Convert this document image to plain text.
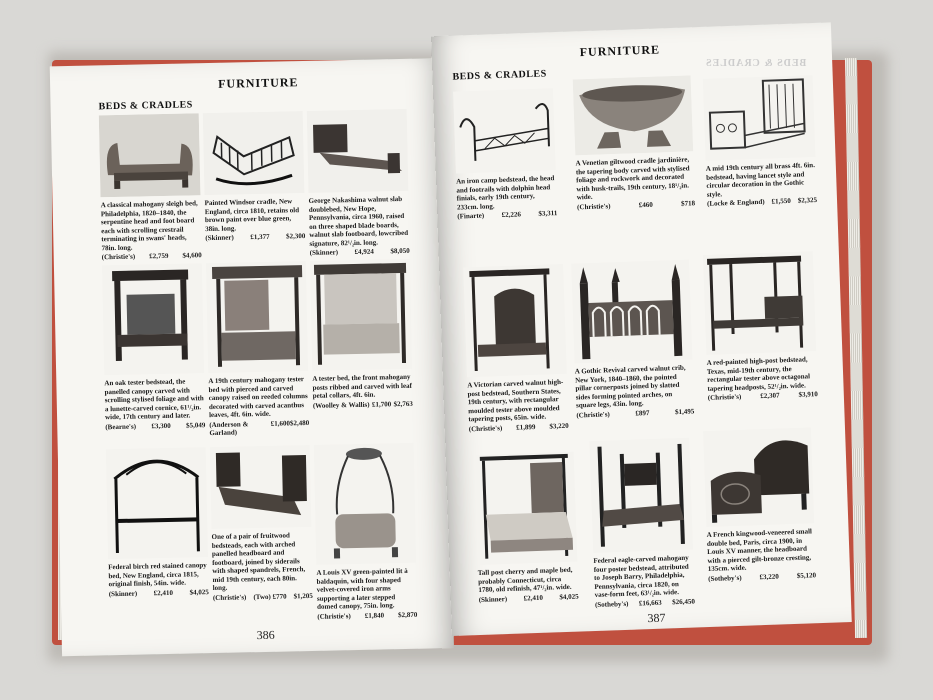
FURNITURE
BEDS & CRADLES
A classical mahogany sleigh bed, Philadelphia, 1820–1840, the serpentine head and foot board each with scrolling crestrail terminating in swans' heads, 78in. long.
(Christie's) £2,759 $4,600
Painted Windsor cradle, New England, circa 1810, retains old brown paint over blue green, 38in. long.
(Skinner) £1,377 $2,300
George Nakashima walnut slab doublebed, New Hope, Pennsylvania, circa 1960, raised on three shaped blade boards, walnut slab footboard, lowcribed signature, 82¹/₂in. long.
(Skinner) £4,924 $8,050
An oak tester bedstead, the panelled canopy carved with scrolling stylised foliage and with a lunette-carved cornice, 61¹/₂in. wide, 17th century and later.
(Bearne's) £3,300 $5,049
A 19th century mahogany tester bed with pierced and carved canopy raised on reeded columns decorated with carved acanthus leaves, 4ft. 6in. wide.
(Anderson & Garland)
£1,600 $2,480
A tester bed, the front mahogany posts ribbed and carved with leaf petal collars, 4ft. 6in.
(Woolley & Wallis) £1,700 $2,763
Federal birch red stained canopy bed, New England, circa 1815, original finish, 54in. wide.
(Skinner) £2,410 $4,025
One of a pair of fruitwood bedsteads, each with arched panelled headboard and footboard, joined by siderails with shaped spandrels, French, mid 19th century, each 80in. long.
(Christie's) (Two) £770 $1,205
A Louis XV green-painted lit à baldaquin, with four shaped velvet-covered iron arms supporting a later stepped domed canopy, 75in. long.
(Christie's) £1,840 $2,870
386
FURNITURE
BEDS & CRADLES
An iron camp bedstead, the head and footrails with dolphin head finials, early 19th century, 233cm. long.
(Finarte) £2,226 $3,311
A Venetian giltwood cradle jardinière, the tapering body carved with stylised foliage and rockwork and decorated with husk-trails, 19th century, 18¹/₂in. wide.
(Christie's)	£460	$718
A mid 19th century all brass 4ft. 6in. bedstead, having lancet style and circular decoration in the Gothic style.
(Locke & England) £1,550 $2,325
A Victorian carved walnut high-post bedstead, Southern States, 19th century, with rectangular moulded tester above moulded tapering posts, 65in. wide.
(Christie's) £1,899 $3,220
A Gothic Revival carved walnut crib, New York, 1840–1860, the pointed pillar cornerposts joined by slatted sides forming pointed arches, on square legs, 43in. long.
(Christie's)	£897	$1,495
A red-painted high-post bedstead, Texas, mid-19th century, the rectangular tester above octagonal tapering headposts, 52¹/₂in. wide.
(Christie's)	£2,307	$3,910
Tall post cherry and maple bed, probably Connecticut, circa 1780, old refinish, 47¹/₂in. wide.
(Skinner) £2,410 $4,025
Federal eagle-carved mahogany four poster bedstead, attributed to Joseph Barry, Philadelphia, Pennsylvania, circa 1820, on vase-form feet, 63¹/₂in. wide.
(Sotheby's) £16,663 $26,450
A French kingwood-veneered small double bed, Paris, circa 1900, in Louis XV manner, the headboard with a pierced gilt-bronze cresting, 135cm. wide.
(Sotheby's)	£3,220	$5,120
387
BEDS & CRADLES
